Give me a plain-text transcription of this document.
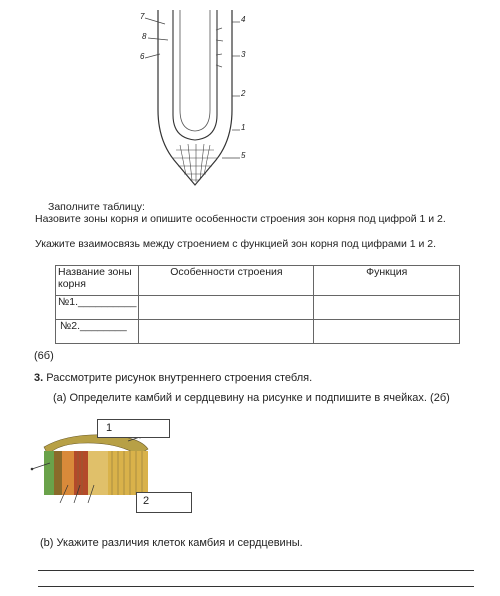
7
8
6
4
3
2
1
5
Заполните таблицу:
Назовите зоны корня и опишите особенности строения зон корня под цифрой 1 и 2.
Укажите взаимосвязь между строением с функцией зон корня под цифрами 1 и 2.
Название зоны корня	Особенности строения	Функция
№1.__________		
№2.________		
(6б)
3. Рассмотрите рисунок внутреннего строения стебля.
(а) Определите камбий и сердцевину на рисунке и подпишите в ячейках. (2б)
1
2
(b) Укажите различия клеток камбия и сердцевины.
